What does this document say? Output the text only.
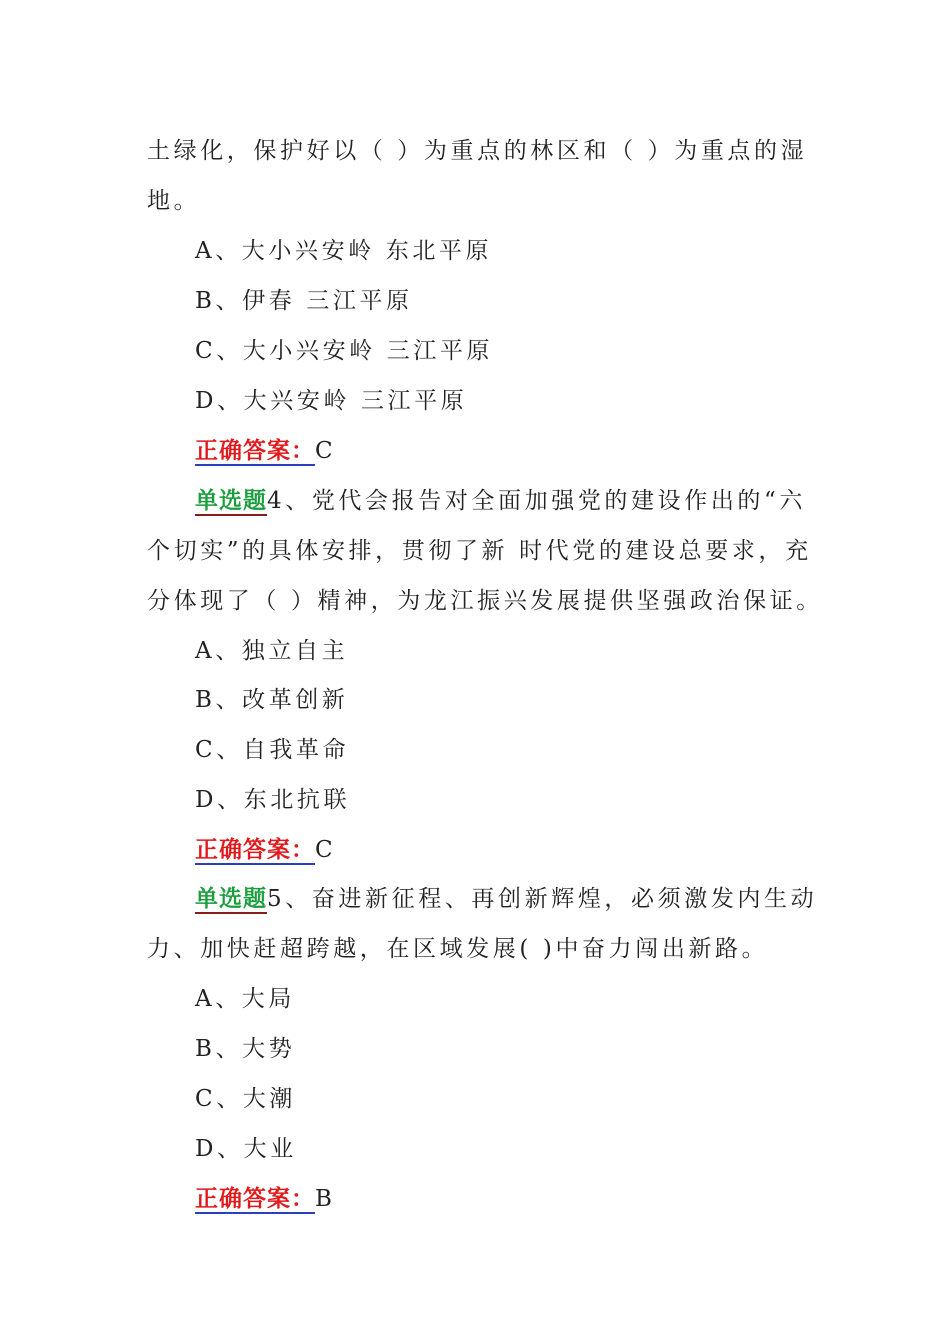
土绿化，保护好以（ ）为重点的林区和（ ）为重点的湿
地。
A、大小兴安岭 东北平原
B、伊春 三江平原
C、大小兴安岭 三江平原
D、大兴安岭 三江平原
正确答案：C
单选题4、党代会报告对全面加强党的建设作出的“六
个切实”的具体安排，贯彻了新 时代党的建设总要求，充
分体现了（ ）精神，为龙江振兴发展提供坚强政治保证。
A、独立自主
B、改革创新
C、自我革命
D、东北抗联
正确答案：C
单选题5、奋进新征程、再创新辉煌，必须激发内生动
力、加快赶超跨越，在区域发展( )中奋力闯出新路。
A、大局
B、大势
C、大潮
D、大业
正确答案：B
